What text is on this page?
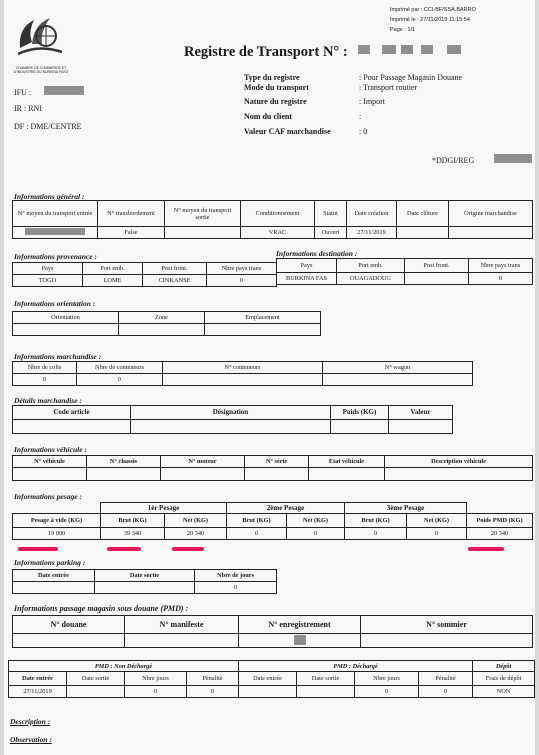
CHAMBRE DE COMMERCE ET D'INDUSTRIE DU BURKINA FASO
Imprimé par : CCI-BF/SSA.BARRO
Imprimé le : 27/11/2019 11:15:54
Page : 1/1
Registre de Transport N° :
IFU :
IR : RNI
DF : DME/CENTRE
Type du registre	: Pour Passage Magasin Douane
Mode du transport	: Transport routier
Nature du registre	: Import
Nom du client	:
Valeur CAF marchandise	: 0
*DDGI/REG
Informations général :
N° moyen du transport entrée	N° transbordement	N° moyen du transport sortie	Conditionnement	Statut	Date création	Date clôture	Origine marchandise
	False		VRAC	Ouvert	27/11/2019		
Informations provenance :	Informations destination :
Pays	Port emb.	Post front.	Nbre pays trans
TOGO	LOME	CINKANSE	0
Pays	Port emb.	Post front.	Nbre pays trans
BURKINA FAS	OUAGADOUG		0
Informations orientation :
Orientation	Zone	Emplacement

Informations marchandise :
Nbre de colis	Nbre de conteneurs	N° conteneurs	N° wagon
0	0		
Détails marchandise :
Code article	Désignation	Poids (KG)	Valeur

Informations véhicule :
N° véhicule	N° chassis	N° moteur	N° série	Etat véhicule	Description véhicule

Informations pesage :
	1èr Pesage		2ème Pesage		3ème Pesage		
Pesage à vide (KG)	Brut (KG)	Net (KG)	Brut (KG)	Net (KG)	Brut (KG)	Net (KG)	Poids PMD (KG)
19 000	39 340	20 340	0	0	0	0	20 340
Informations parking :
Date entrée	Date sortie	Nbre de jours
		0
Informations passage magasin sous douane (PMD) :
N° douane	N° manifeste	N° enregistrement	N° sommier

PMD : Non Déchargé				PMD : Déchargé				Dépôt
Date entrée	Date sortie	Nbre jours	Pénalité	Date entrée	Date sortie	Nbre jours	Pénalité	Frais de dépôt
27/11/2019		0	0			0	0	NON
Description :
Observation :
